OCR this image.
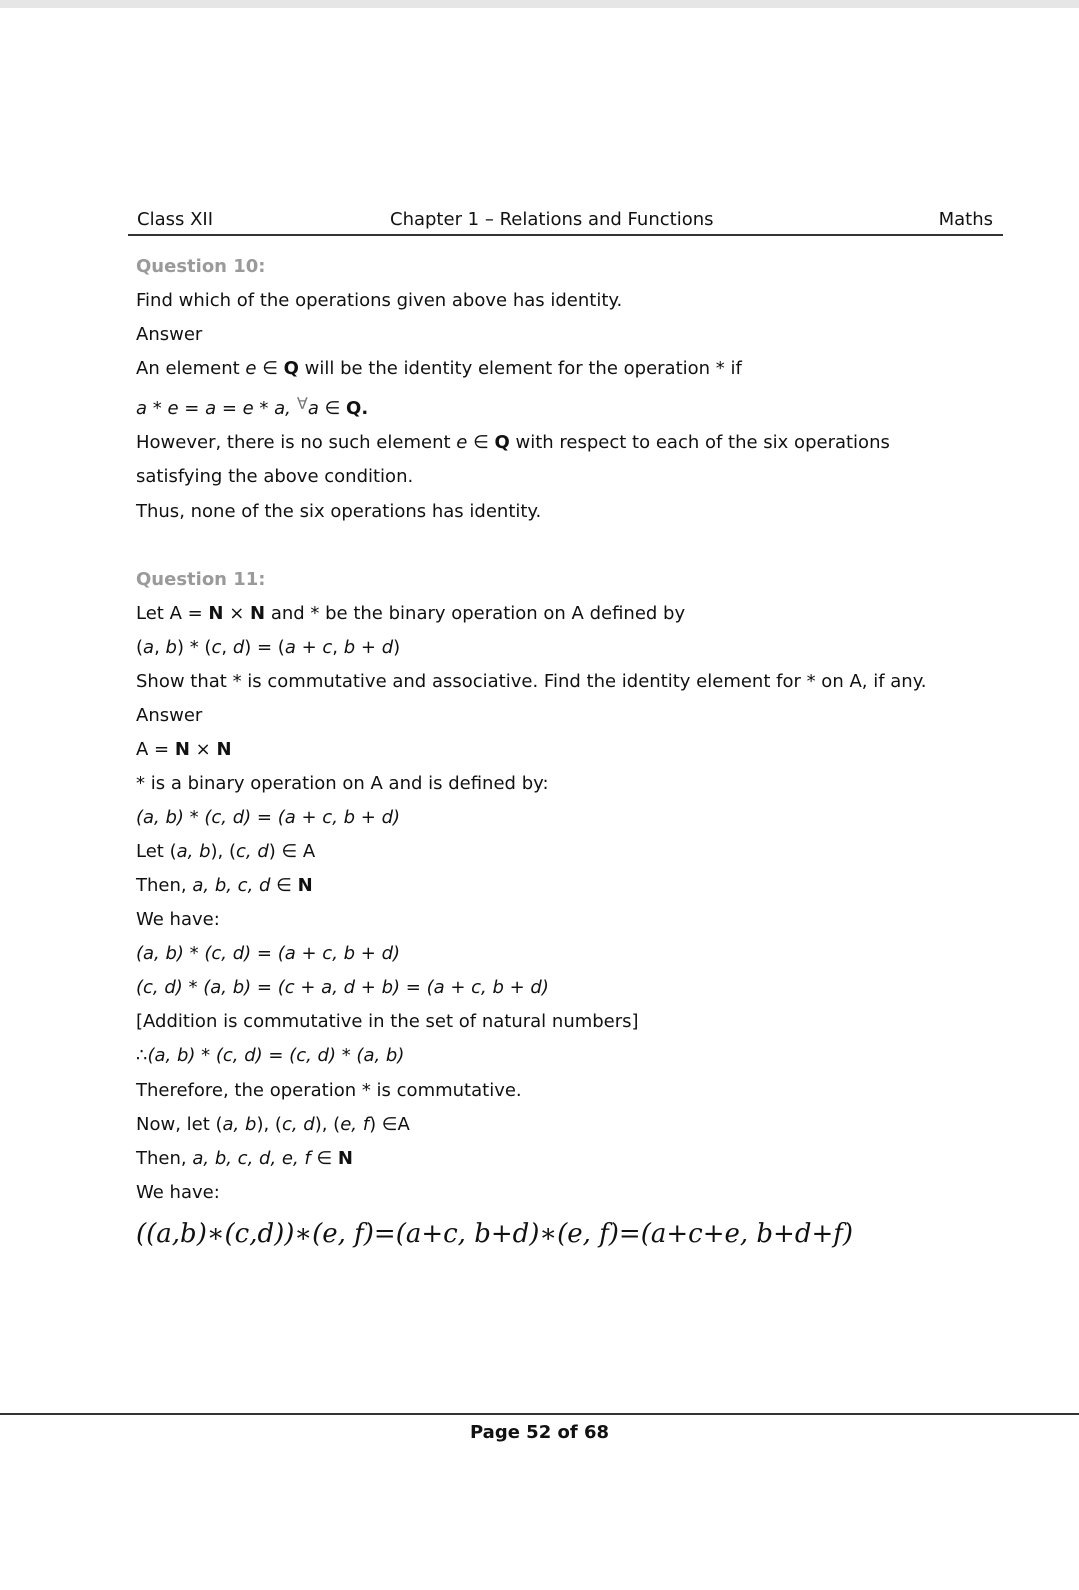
Class XII	Chapter 1 – Relations and Functions	Maths
Question 10:
Find which of the operations given above has identity.
Answer
An element e ∈ Q will be the identity element for the operation * if
a * e = a = e * a, ∀a ∈ Q.
However, there is no such element e ∈ Q with respect to each of the six operations
satisfying the above condition.
Thus, none of the six operations has identity.
Question 11:
Let A = N × N and * be the binary operation on A defined by
(a, b) * (c, d) = (a + c, b + d)
Show that * is commutative and associative. Find the identity element for * on A, if any.
Answer
A = N × N
* is a binary operation on A and is defined by:
(a, b) * (c, d) = (a + c, b + d)
Let (a, b), (c, d) ∈ A
Then, a, b, c, d ∈ N
We have:
(a, b) * (c, d) = (a + c, b + d)
(c, d) * (a, b) = (c + a, d + b) = (a + c, b + d)
[Addition is commutative in the set of natural numbers]
∴(a, b) * (c, d) = (c, d) * (a, b)
Therefore, the operation * is commutative.
Now, let (a, b), (c, d), (e, f) ∈A
Then, a, b, c, d, e, f ∈ N
We have:
((a,b)∗(c,d))∗(e, f)=(a+c, b+d)∗(e, f)=(a+c+e, b+d+f)
Page 52 of 68
